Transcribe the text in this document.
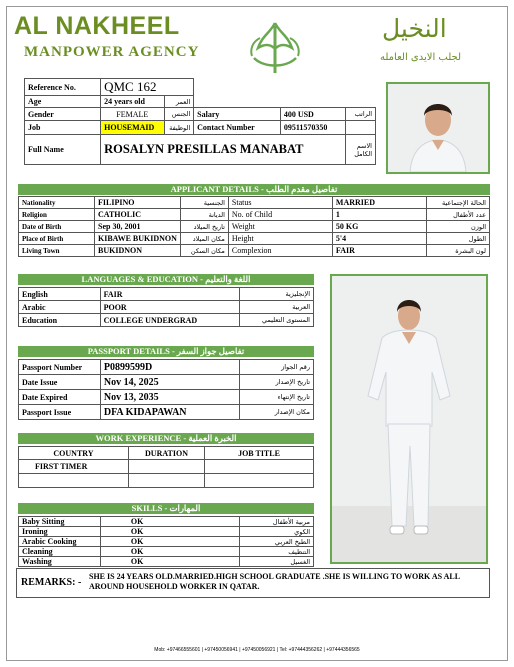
AL NAKHEEL
MANPOWER AGENCY
النخيل
لجلب الايدى العامله
Reference No.	QMC 162				
Age	24 years old	العمر			
Gender	FEMALE	الجنس	Salary	400 USD	الراتب
Job	HOUSEMAID	الوظيفة	Contact Number	09511570350	
Full Name	ROSALYN PRESILLAS MANABAT				الاسم الكامل
APPLICANT DETAILS - تفاصيل مقدم الطلب
Nationality	FILIPINO	الجنسية	Status	MARRIED	الحالة الإجتماعية
Religion	CATHOLIC	الديانة	No. of Child	1	عدد الأطفال
Date of Birth	Sep 30, 2001	تاريخ الميلاد	Weight	50 KG	الوزن
Place of Birth	KIBAWE BUKIDNON	مكان الميلاد	Height	5'4	الطول
Living Town	BUKIDNON	مكان السكن	Complexion	FAIR	لون البشرة
LANGUAGES & EDUCATION - اللغة والتعليم
English	FAIR	الإنجليزية
Arabic	POOR	العربية
Education	COLLEGE UNDERGRAD	المستوى التعليمي
PASSPORT DETAILS - تفاصيل جواز السفر
Passport Number	P0899599D	رقم الجواز
Date Issue	Nov 14, 2025	تاريخ الإصدار
Date Expired	Nov 13, 2035	تاريخ الإنتهاء
Passport Issue	DFA KIDAPAWAN	مكان الإصدار
WORK EXPERIENCE - الخبرة العملية
COUNTRY	DURATION	JOB TITLE
FIRST TIMER		

SKILLS - المهارات
Baby Sitting	OK	مربية الأطفال
Ironing	OK	الكوي
Arabic Cooking	OK	الطبخ العربي
Cleaning	OK	التنظيف
Washing	OK	الغسيل
REMARKS: -
SHE IS 24 YEARS OLD.MARRIED.HIGH SCHOOL GRADUATE .SHE IS WILLING TO WORK AS ALL AROUND HOUSEHOLD WORKER IN QATAR.
Mob: +97466555601 | +97450056941 | +97450056921 | Tel: +97444356262 | +97444356565
